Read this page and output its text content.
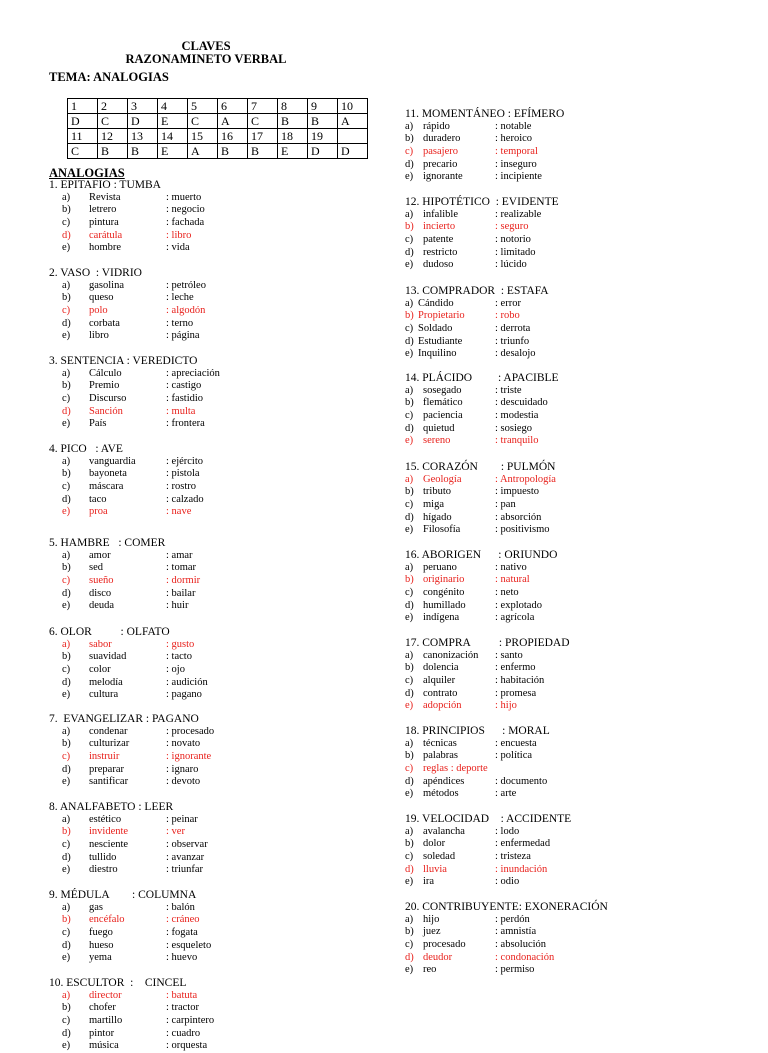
CLAVES
RAZONAMINETO VERBAL
TEMA: ANALOGIAS
1	2	3	4	5	6	7	8	9	10
D	C	D	E	C	A	C	B	B	A
11	12	13	14	15	16	17	18	19	
C	B	B	E	A	B	B	E	D	D
ANALOGIAS
1. EPITAFIO : TUMBA
a) Revista	: muerto
b) letrero	: negocio
c) pintura	: fachada
d) carátula	: libro
e) hombre	: vida
2. VASO  : VIDRIO
a) gasolina	: petróleo
b) queso	: leche
c) polo	: algodón
d) corbata	: terno
e) libro	: página
3. SENTENCIA : VEREDICTO
a) Cálculo	: apreciación
b) Premio	: castigo
c) Discurso	: fastidio
d) Sanción	: multa
e) País	: frontera
4. PICO   : AVE
a) vanguardia	: ejército
b) bayoneta	: pistola
c) máscara	: rostro
d) taco	: calzado
e) proa	: nave
5. HAMBRE   : COMER
a) amor	: amar
b) sed	: tomar
c) sueño	: dormir
d) disco	: bailar
e) deuda	: huir
6. OLOR          : OLFATO
a) sabor	: gusto
b) suavidad	: tacto
c) color	: ojo
d) melodía	: audición
e) cultura	: pagano
7.  EVANGELIZAR : PAGANO
a) condenar	: procesado
b) culturizar	: novato
c) instruir	: ignorante
d) preparar	: ignaro
e) santificar	: devoto
8. ANALFABETO : LEER
a) estético	: peinar
b) invidente	: ver
c) nesciente	: observar
d) tullido	: avanzar
e) diestro	: triunfar
9. MÉDULA        : COLUMNA
a) gas	: balón
b) encéfalo	: cráneo
c) fuego	: fogata
d) hueso	: esqueleto
e) yema	: huevo
10. ESCULTOR  :    CINCEL
a) director	: batuta
b) chofer	: tractor
c) martillo	: carpintero
d) pintor	: cuadro
e) música	: orquesta
11. MOMENTÁNEO : EFÍMERO
a) rápido	: notable
b) duradero	: heroico
c) pasajero	: temporal
d) precario	: inseguro
e) ignorante	: incipiente
12. HIPOTÉTICO  : EVIDENTE
a) infalible	: realizable
b) incierto	: seguro
c) patente	: notorio
d) restricto	: limitado
e) dudoso	: lúcido
13. COMPRADOR  : ESTAFA
a) Cándido	: error
b) Propietario	: robo
c) Soldado	: derrota
d) Estudiante	: triunfo
e) Inquilino	: desalojo
14. PLÁCIDO         : APACIBLE
a) sosegado	: triste
b) flemático	: descuidado
c) paciencia	: modestia
d) quietud	: sosiego
e) sereno	: tranquilo
15. CORAZÓN        : PULMÓN
a) Geología	: Antropología
b) tributo	: impuesto
c) miga	: pan
d) hígado	: absorción
e) Filosofía	: positivismo
16. ABORIGEN      : ORIUNDO
a) peruano	: nativo
b) originario	: natural
c) congénito	: neto
d) humillado	: explotado
e) indígena	: agrícola
17. COMPRA          : PROPIEDAD
a) canonización : santo
b) dolencia	: enfermo
c) alquiler	: habitación
d) contrato	: promesa
e) adopción	: hijo
18. PRINCIPIOS      : MORAL
a) técnicas	: encuesta
b) palabras	: política
c) reglas : deporte
d) apéndices	: documento
e) métodos	: arte
19. VELOCIDAD    : ACCIDENTE
a) avalancha	: lodo
b) dolor	: enfermedad
c) soledad	: tristeza
d) lluvia	: inundación
e) ira	: odio
20. CONTRIBUYENTE: EXONERACIÓN
a) hijo	: perdón
b) juez	: amnistía
c) procesado	: absolución
d) deudor	: condonación
e) reo	: permiso
